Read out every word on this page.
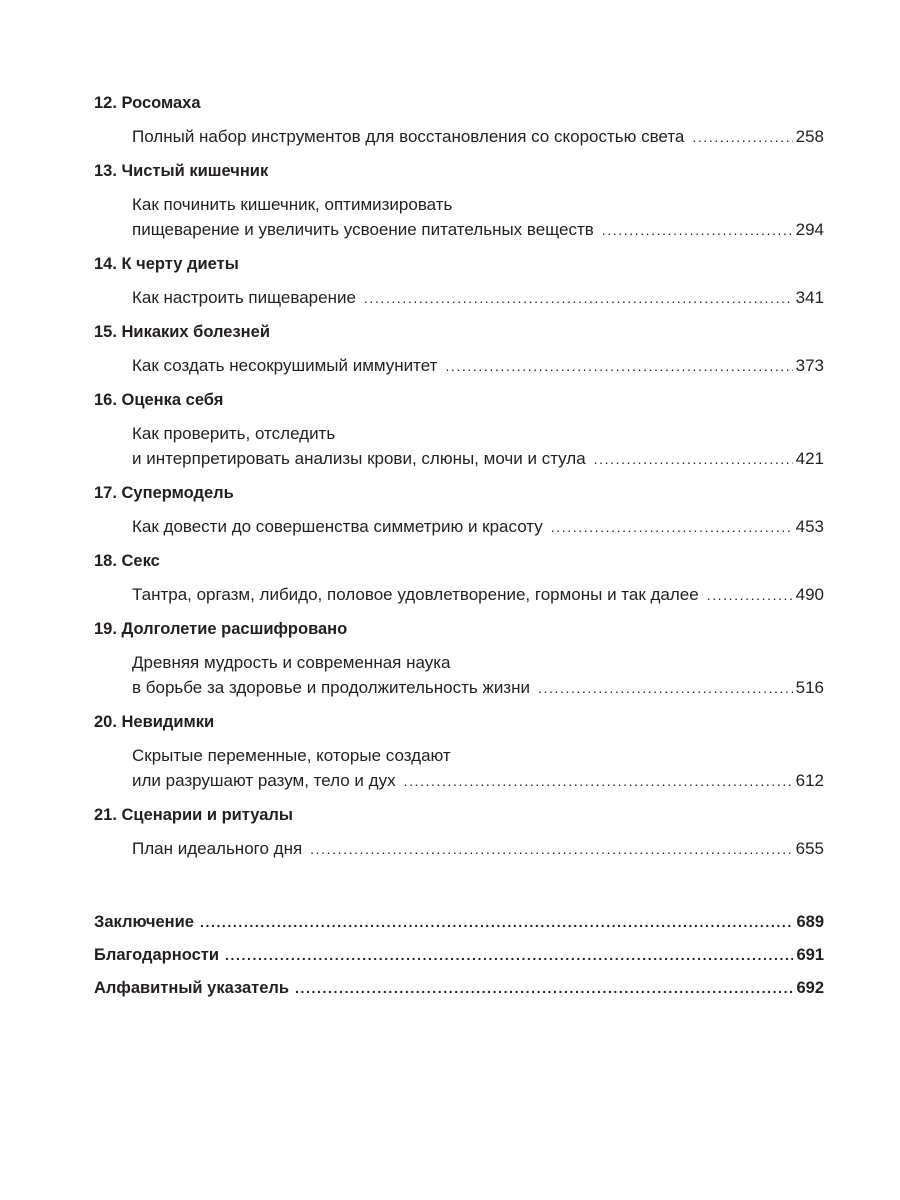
12. Росомаха
Полный набор инструментов для восстановления со скоростью света .....	258
13. Чистый кишечник
Как починить кишечник, оптимизировать
пищеварение и увеличить усвоение питательных веществ .....	294
14. К черту диеты
Как настроить пищеварение .....	341
15. Никаких болезней
Как создать несокрушимый иммунитет .....	373
16. Оценка себя
Как проверить, отследить
и интерпретировать анализы крови, слюны, мочи и стула .....	421
17. Супермодель
Как довести до совершенства симметрию и красоту .....	453
18. Секс
Тантра, оргазм, либидо, половое удовлетворение, гормоны и так далее .....	490
19. Долголетие расшифровано
Древняя мудрость и современная наука
в борьбе за здоровье и продолжительность жизни .....	516
20. Невидимки
Скрытые переменные, которые создают
или разрушают разум, тело и дух .....	612
21. Сценарии и ритуалы
План идеального дня .....	655
Заключение .....	689
Благодарности .....	691
Алфавитный указатель .....	692
